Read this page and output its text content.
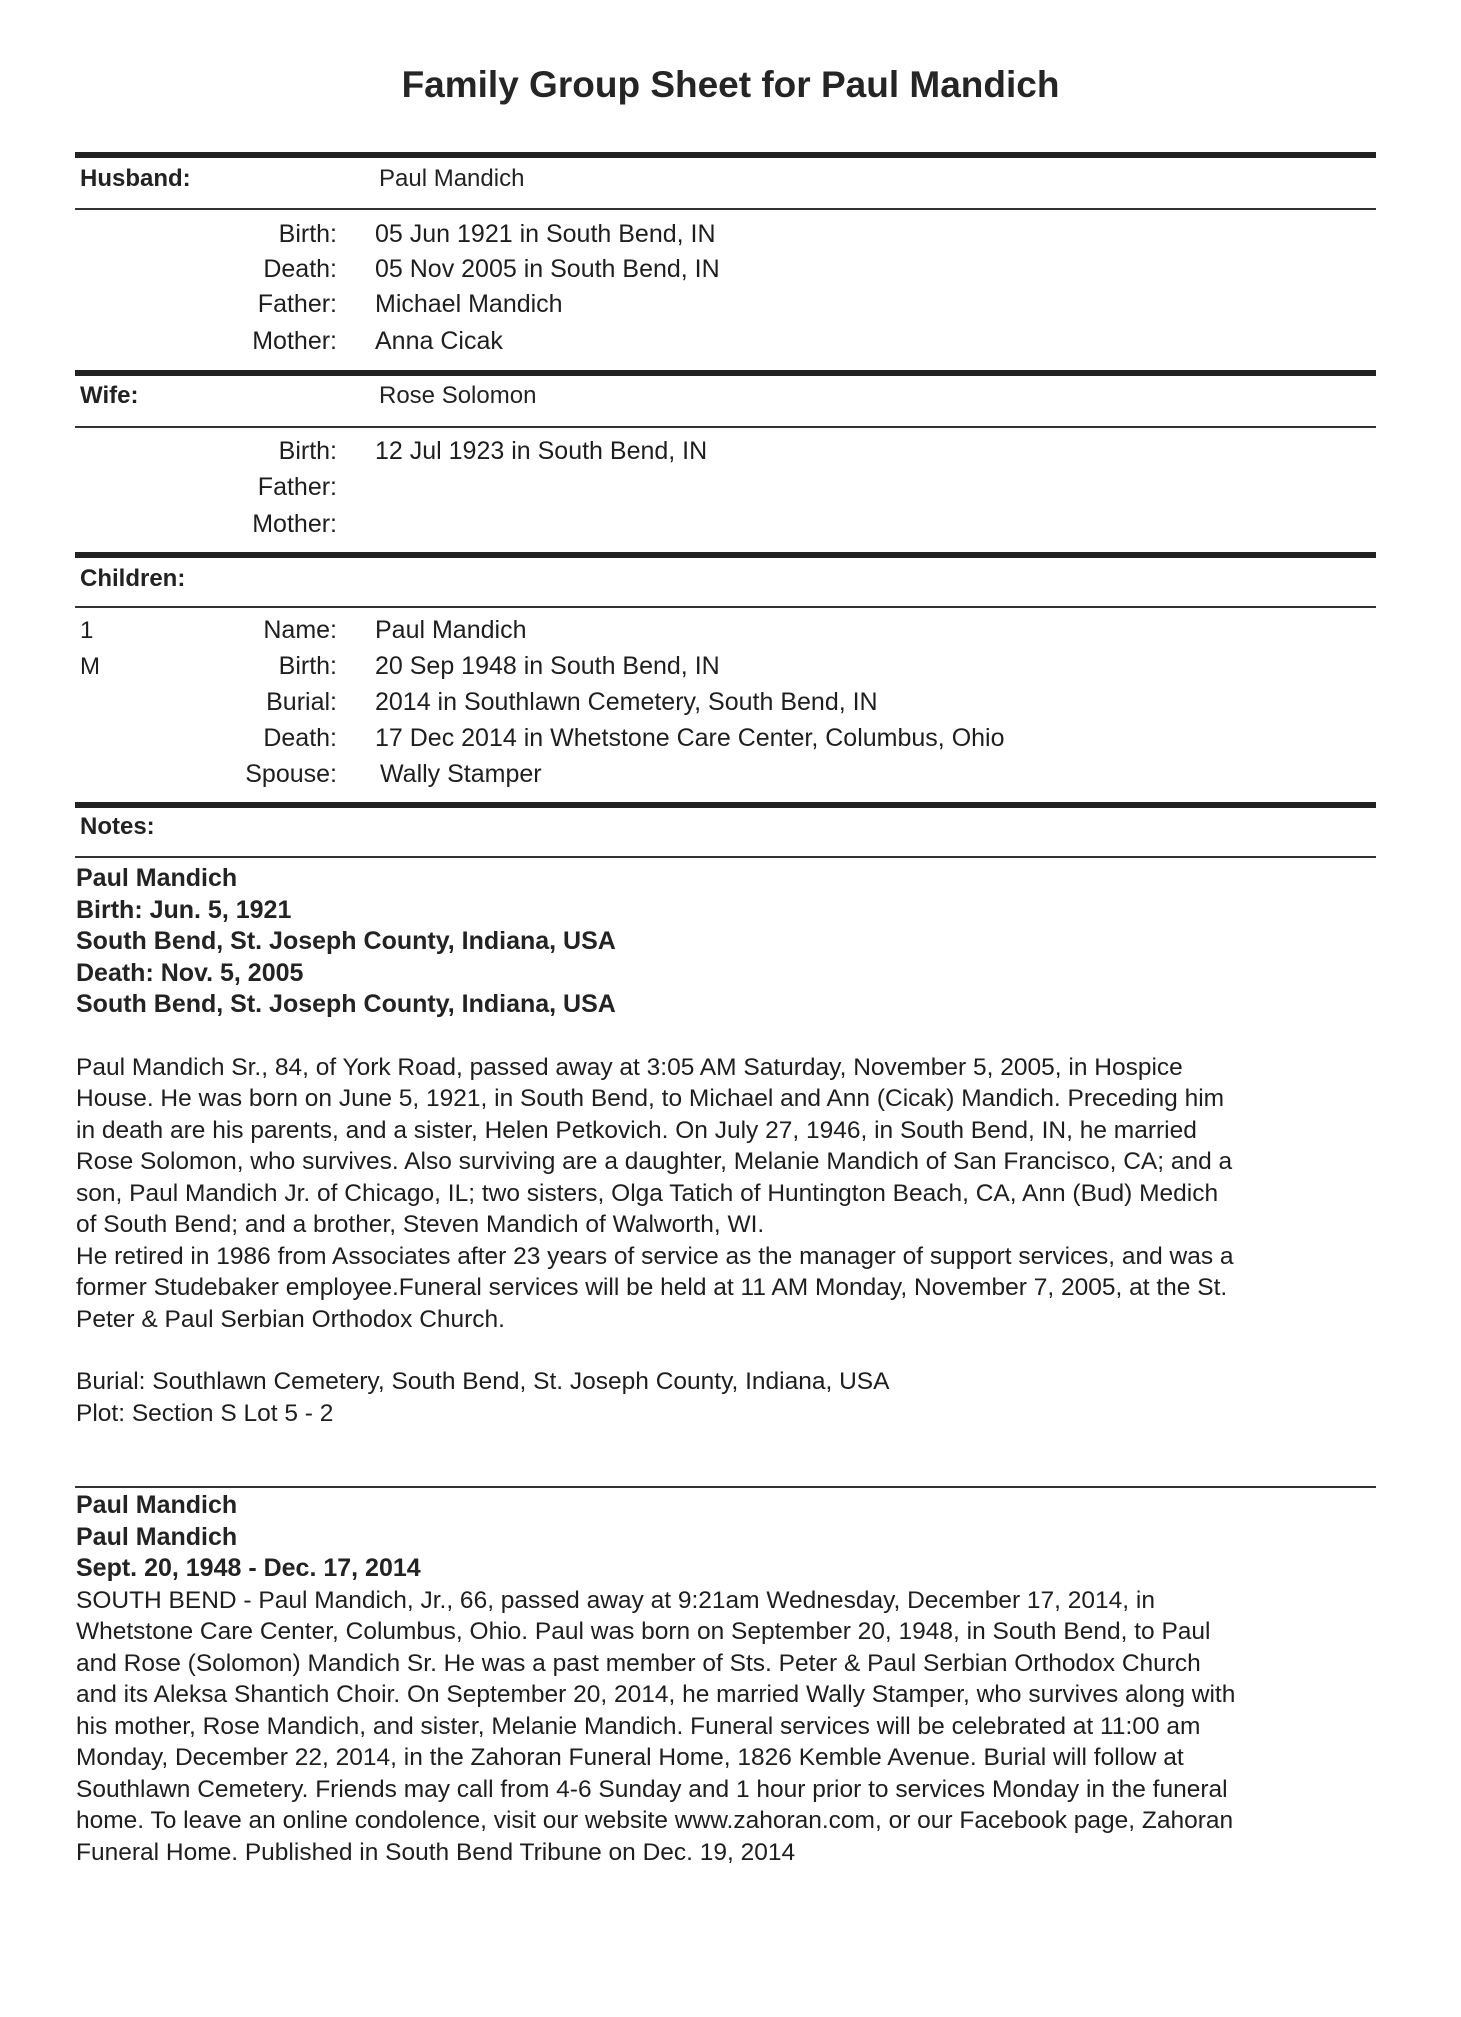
Family Group Sheet for Paul Mandich
Husband:	Paul Mandich
Birth: 05 Jun 1921 in South Bend, IN
Death: 05 Nov 2005 in South Bend, IN
Father: Michael Mandich
Mother: Anna Cicak
Wife:	Rose Solomon
Birth: 12 Jul 1923 in South Bend, IN
Father:
Mother:
Children:
1
M
Name: Paul Mandich
Birth: 20 Sep 1948 in South Bend, IN
Burial: 2014 in Southlawn Cemetery, South Bend, IN
Death: 17 Dec 2014 in Whetstone Care Center, Columbus, Ohio
Spouse: Wally Stamper
Notes:

Paul Mandich

Birth: Jun. 5, 1921

South Bend, St. Joseph County, Indiana, USA

Death: Nov. 5, 2005

South Bend, St. Joseph County, Indiana, USA

Paul Mandich Sr., 84, of York Road, passed away at 3:05 AM Saturday, November 5, 2005, in Hospice

House. He was born on June 5, 1921, in South Bend, to Michael and Ann (Cicak) Mandich. Preceding him

in death are his parents, and a sister, Helen Petkovich. On July 27, 1946, in South Bend, IN, he married

Rose Solomon, who survives. Also surviving are a daughter, Melanie Mandich of San Francisco, CA; and a

son, Paul Mandich Jr. of Chicago, IL; two sisters, Olga Tatich of Huntington Beach, CA, Ann (Bud) Medich

of South Bend; and a brother, Steven Mandich of Walworth, WI.

He retired in 1986 from Associates after 23 years of service as the manager of support services, and was a

former Studebaker employee.Funeral services will be held at 11 AM Monday, November 7, 2005, at the St.

Peter & Paul Serbian Orthodox Church.

Burial: Southlawn Cemetery, South Bend, St. Joseph County, Indiana, USA

Plot: Section S Lot 5 - 2

Paul Mandich

Paul Mandich

Sept. 20, 1948 - Dec. 17, 2014

SOUTH BEND - Paul Mandich, Jr., 66, passed away at 9:21am Wednesday, December 17, 2014, in

Whetstone Care Center, Columbus, Ohio. Paul was born on September 20, 1948, in South Bend, to Paul

and Rose (Solomon) Mandich Sr. He was a past member of Sts. Peter & Paul Serbian Orthodox Church

and its Aleksa Shantich Choir. On September 20, 2014, he married Wally Stamper, who survives along with

his mother, Rose Mandich, and sister, Melanie Mandich. Funeral services will be celebrated at 11:00 am

Monday, December 22, 2014, in the Zahoran Funeral Home, 1826 Kemble Avenue. Burial will follow at

Southlawn Cemetery. Friends may call from 4-6 Sunday and 1 hour prior to services Monday in the funeral

home. To leave an online condolence, visit our website www.zahoran.com, or our Facebook page, Zahoran

Funeral Home. Published in South Bend Tribune on Dec. 19, 2014
